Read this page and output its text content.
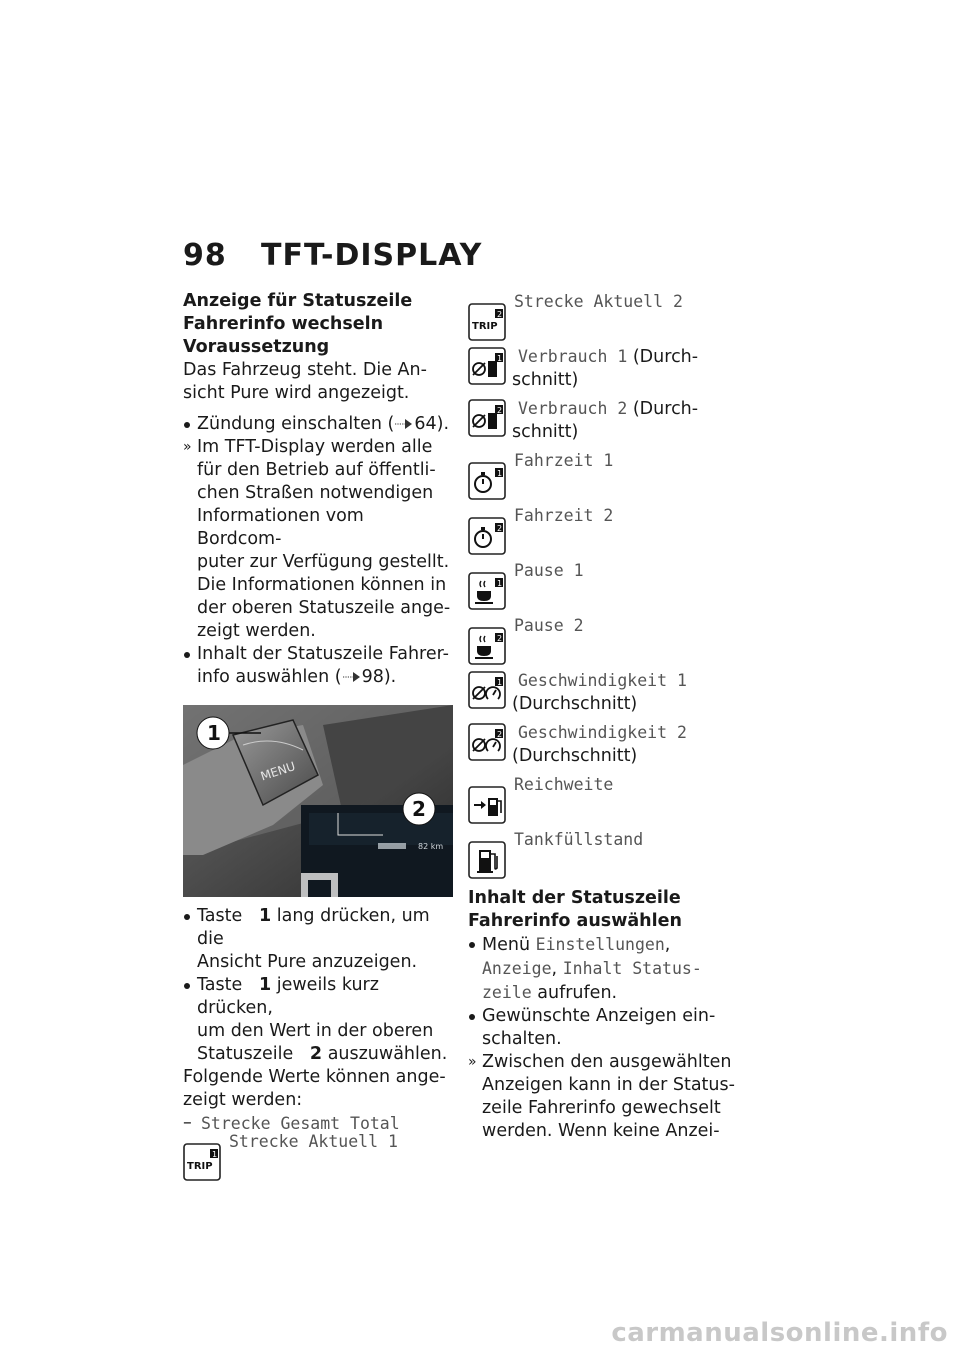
98 TFT-DISPLAY
Anzeige für Statuszeile
Fahrerinfo wechseln
Voraussetzung

Das Fahrzeug steht. Die An-

sicht Pure wird angezeigt.

Zündung einschalten ( 64).
» Im TFT-Display werden alle

für den Betrieb auf öffentli-

chen Straßen notwendigen

Informationen vom Bordcom-

puter zur Verfügung gestellt.

Die Informationen können in

der oberen Statuszeile ange-

zeigt werden.

Inhalt der Statuszeile Fahrer-

info auswählen ( 98).

MENU
82 km
1
2

Taste 1 lang drücken, um die

Ansicht Pure anzuzeigen.

Taste 1 jeweils kurz drücken,

um den Wert in der oberen

Statuszeile 2 auszuwählen.

Folgende Werte können ange-

zeigt werden:

– Strecke Gesamt Total
TRIP
1
Strecke Aktuell 1
TRIP
2
Strecke Aktuell 2
1 Verbrauch 1 (Durch-
schnitt)
2 Verbrauch 2 (Durch-
schnitt)
1
Fahrzeit 1
2
Fahrzeit 2
1
Pause 1
2
Pause 2
1 Geschwindigkeit 1
(Durchschnitt)
2 Geschwindigkeit 2
(Durchschnitt)
Reichweite
Tankfüllstand
Inhalt der Statuszeile
Fahrerinfo auswählen

Menü Einstellungen,

Anzeige, Inhalt Status-

zeile aufrufen.

Gewünschte Anzeigen ein-

schalten.

» Zwischen den ausgewählten

Anzeigen kann in der Status-

zeile Fahrerinfo gewechselt

werden. Wenn keine Anzei-

carmanualsonline.info
